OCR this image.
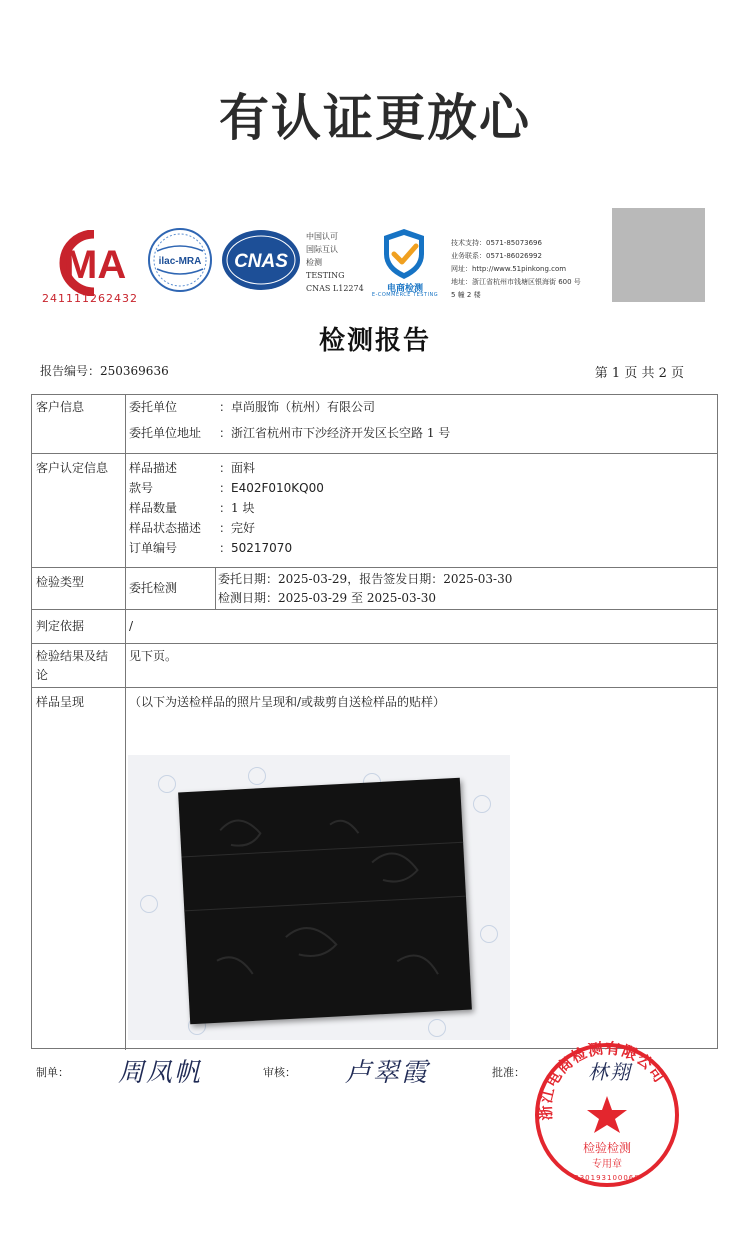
有认证更放心
MA
241111262432
ilac-MRA CNAS
中国认可
国际互认
检测
TESTING
CNAS L12274	电商检测
E-COMMERCE TESTING
技术支持：0571-85073696
业务联系：0571-86026992
网址：http://www.51pinkong.com
地址：浙江省杭州市钱塘区银海街 600 号
5 幢 2 楼
检测报告
报告编号：250369636	第 1 页 共 2 页
客户信息	委托单位	： 卓尚服饰（杭州）有限公司
委托单位地址 ： 浙江省杭州市下沙经济开发区长空路 1 号
客户认定信息 样品描述	： 面料
款号	： E402F010KQ00
样品数量	： 1 块
样品状态描述 ： 完好
订单编号	： 50217070
检验类型	委托检测
委托日期：2025-03-29，报告签发日期：2025-03-30
检测日期：2025-03-29 至 2025-03-30
判定依据	/
检验结果及结
论
见下页。
样品呈现	（以下为送检样品的照片呈现和/或裁剪自送检样品的贴样）
制单： 周凤帆	审核： 卢翠霞	批准：	林翔
浙江电商检测有限公司
检验检测
专用章
330193100068
